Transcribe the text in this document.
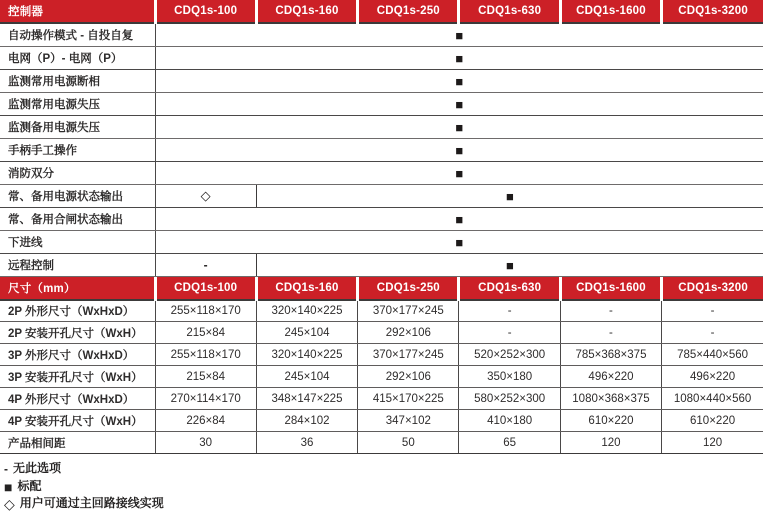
控制器	CDQ1s-100	CDQ1s-160	CDQ1s-250	CDQ1s-630	CDQ1s-1600	CDQ1s-3200
自动操作模式 - 自投自复	■					
电网（P）- 电网（P）	■					
监测常用电源断相	■					
监测常用电源失压	■					
监测备用电源失压	■					
手柄手工操作	■					
消防双分	■					
常、备用电源状态输出	◇	■				
常、备用合闸状态输出	■					
下进线	■					
远程控制	-	■				
尺寸（mm）	CDQ1s-100	CDQ1s-160	CDQ1s-250	CDQ1s-630	CDQ1s-1600	CDQ1s-3200
2P 外形尺寸（WxHxD）	255×118×170	320×140×225	370×177×245	-	-	-
2P 安装开孔尺寸（WxH）	215×84	245×104	292×106	-	-	-
3P 外形尺寸（WxHxD）	255×118×170	320×140×225	370×177×245	520×252×300	785×368×375	785×440×560
3P 安装开孔尺寸（WxH）	215×84	245×104	292×106	350×180	496×220	496×220
4P 外形尺寸（WxHxD）	270×114×170	348×147×225	415×170×225	580×252×300	1080×368×375	1080×440×560
4P 安装开孔尺寸（WxH）	226×84	284×102	347×102	410×180	610×220	610×220
产品相间距	30	36	50	65	120	120
- 无此选项
■ 标配
◇ 用户可通过主回路接线实现
